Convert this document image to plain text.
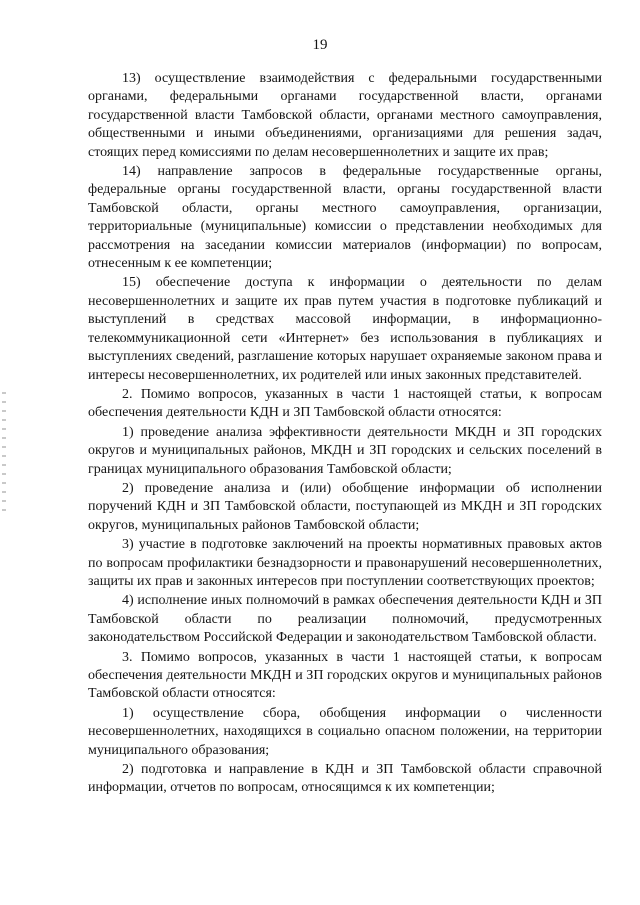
19

13) осуществление взаимодействия с федеральными государственными органами, федеральными органами государственной власти, органами государственной власти Тамбовской области, органами местного самоуправления, общественными и иными объединениями, организациями для решения задач, стоящих перед комиссиями по делам несовершеннолетних и защите их прав;

14) направление запросов в федеральные государственные органы, федеральные органы государственной власти, органы государственной власти Тамбовской области, органы местного самоуправления, организации, территориальные (муниципальные) комиссии о представлении необходимых для рассмотрения на заседании комиссии материалов (информации) по вопросам, отнесенным к ее компетенции;

15) обеспечение доступа к информации о деятельности по делам несовершеннолетних и защите их прав путем участия в подготовке публикаций и выступлений в средствах массовой информации, в информационно-телекоммуникационной сети «Интернет» без использования в публикациях и выступлениях сведений, разглашение которых нарушает охраняемые законом права и интересы несовершеннолетних, их родителей или иных законных представителей.

2. Помимо вопросов, указанных в части 1 настоящей статьи, к вопросам обеспечения деятельности КДН и ЗП Тамбовской области относятся:

1) проведение анализа эффективности деятельности МКДН и ЗП городских округов и муниципальных районов, МКДН и ЗП городских и сельских поселений в границах муниципального образования Тамбовской области;

2) проведение анализа и (или) обобщение информации об исполнении поручений КДН и ЗП Тамбовской области, поступающей из МКДН и ЗП городских округов, муниципальных районов Тамбовской области;

3) участие в подготовке заключений на проекты нормативных правовых актов по вопросам профилактики безнадзорности и правонарушений несовершеннолетних, защиты их прав и законных интересов при поступлении соответствующих проектов;

4) исполнение иных полномочий в рамках обеспечения деятельности КДН и ЗП Тамбовской области по реализации полномочий, предусмотренных законодательством Российской Федерации и законодательством Тамбовской области.

3. Помимо вопросов, указанных в части 1 настоящей статьи, к вопросам обеспечения деятельности МКДН и ЗП городских округов и муниципальных районов Тамбовской области относятся:

1) осуществление сбора, обобщения информации о численности несовершеннолетних, находящихся в социально опасном положении, на территории муниципального образования;

2) подготовка и направление в КДН и ЗП Тамбовской области справочной информации, отчетов по вопросам, относящимся к их компетенции;
